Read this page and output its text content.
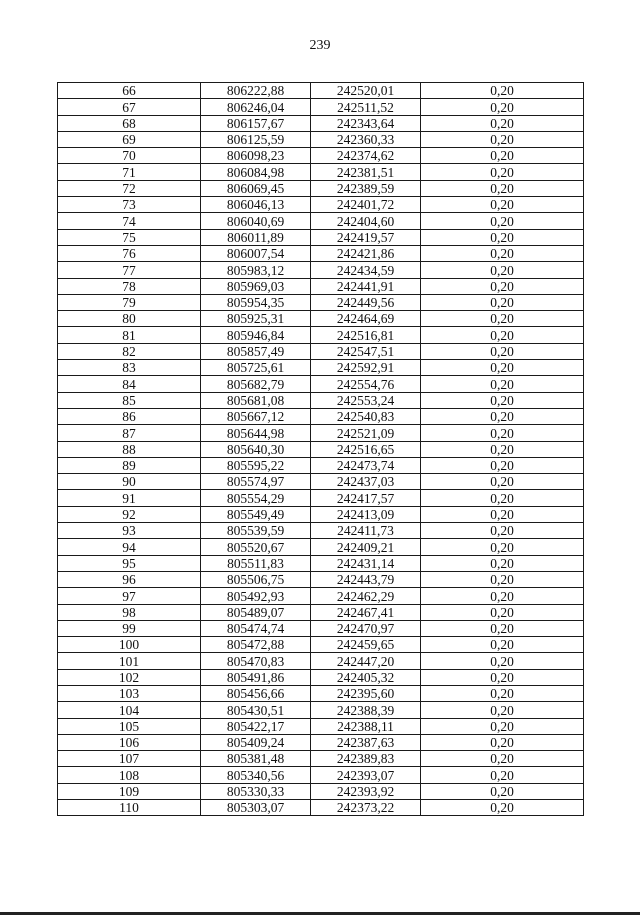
239
66	806222,88	242520,01	0,20
67	806246,04	242511,52	0,20
68	806157,67	242343,64	0,20
69	806125,59	242360,33	0,20
70	806098,23	242374,62	0,20
71	806084,98	242381,51	0,20
72	806069,45	242389,59	0,20
73	806046,13	242401,72	0,20
74	806040,69	242404,60	0,20
75	806011,89	242419,57	0,20
76	806007,54	242421,86	0,20
77	805983,12	242434,59	0,20
78	805969,03	242441,91	0,20
79	805954,35	242449,56	0,20
80	805925,31	242464,69	0,20
81	805946,84	242516,81	0,20
82	805857,49	242547,51	0,20
83	805725,61	242592,91	0,20
84	805682,79	242554,76	0,20
85	805681,08	242553,24	0,20
86	805667,12	242540,83	0,20
87	805644,98	242521,09	0,20
88	805640,30	242516,65	0,20
89	805595,22	242473,74	0,20
90	805574,97	242437,03	0,20
91	805554,29	242417,57	0,20
92	805549,49	242413,09	0,20
93	805539,59	242411,73	0,20
94	805520,67	242409,21	0,20
95	805511,83	242431,14	0,20
96	805506,75	242443,79	0,20
97	805492,93	242462,29	0,20
98	805489,07	242467,41	0,20
99	805474,74	242470,97	0,20
100	805472,88	242459,65	0,20
101	805470,83	242447,20	0,20
102	805491,86	242405,32	0,20
103	805456,66	242395,60	0,20
104	805430,51	242388,39	0,20
105	805422,17	242388,11	0,20
106	805409,24	242387,63	0,20
107	805381,48	242389,83	0,20
108	805340,56	242393,07	0,20
109	805330,33	242393,92	0,20
110	805303,07	242373,22	0,20
